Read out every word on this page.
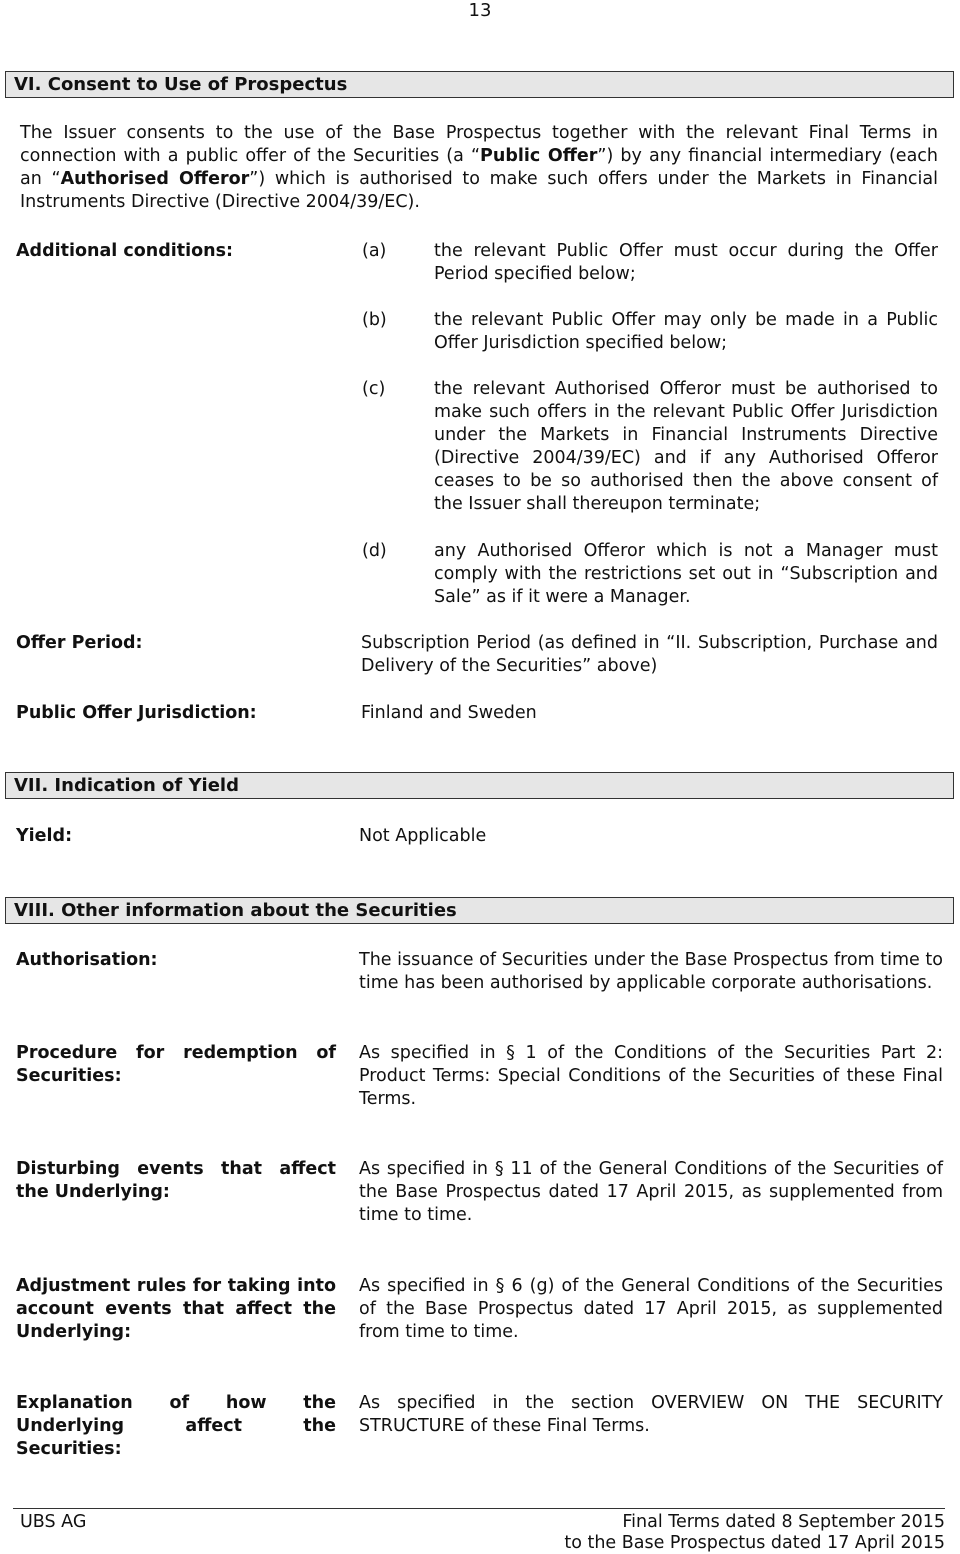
13
VI. Consent to Use of Prospectus
The Issuer consents to the use of the Base Prospectus together with the relevant Final Terms in connection with a public offer of the Securities (a “Public Offer”) by any financial intermediary (each an “Authorised Offeror”) which is authorised to make such offers under the Markets in Financial Instruments Directive (Directive 2004/39/EC).
Additional conditions:	(a)	the relevant Public Offer must occur during the Offer Period specified below;
(b)	the relevant Public Offer may only be made in a Public Offer Jurisdiction specified below;
(c)	the relevant Authorised Offeror must be authorised to make such offers in the relevant Public Offer Jurisdiction under the Markets in Financial Instruments Directive (Directive 2004/39/EC) and if any Authorised Offeror ceases to be so authorised then the above consent of the Issuer shall thereupon terminate;
(d)	any Authorised Offeror which is not a Manager must comply with the restrictions set out in “Subscription and Sale” as if it were a Manager.
Offer Period:	Subscription Period (as defined in “II. Subscription, Purchase and Delivery of the Securities” above)
Public Offer Jurisdiction:	Finland and Sweden
VII. Indication of Yield
Yield:	Not Applicable
VIII. Other information about the Securities
Authorisation:	The issuance of Securities under the Base Prospectus from time to time has been authorised by applicable corporate authorisations.
Procedure for redemption of Securities:
As specified in § 1 of the Conditions of the Securities Part 2: Product Terms: Special Conditions of the Securities of these Final Terms.
Disturbing events that affect the Underlying:
As specified in § 11 of the General Conditions of the Securities of the Base Prospectus dated 17 April 2015, as supplemented from time to time.
Adjustment rules for taking into account events that affect the Underlying:
As specified in § 6 (g) of the General Conditions of the Securities of the Base Prospectus dated 17 April 2015, as supplemented from time to time.
Explanation of how the Underlying affect the Securities:
As specified in the section OVERVIEW ON THE SECURITY STRUCTURE of these Final Terms.
UBS AG	Final Terms dated 8 September 2015
to the Base Prospectus dated 17 April 2015
